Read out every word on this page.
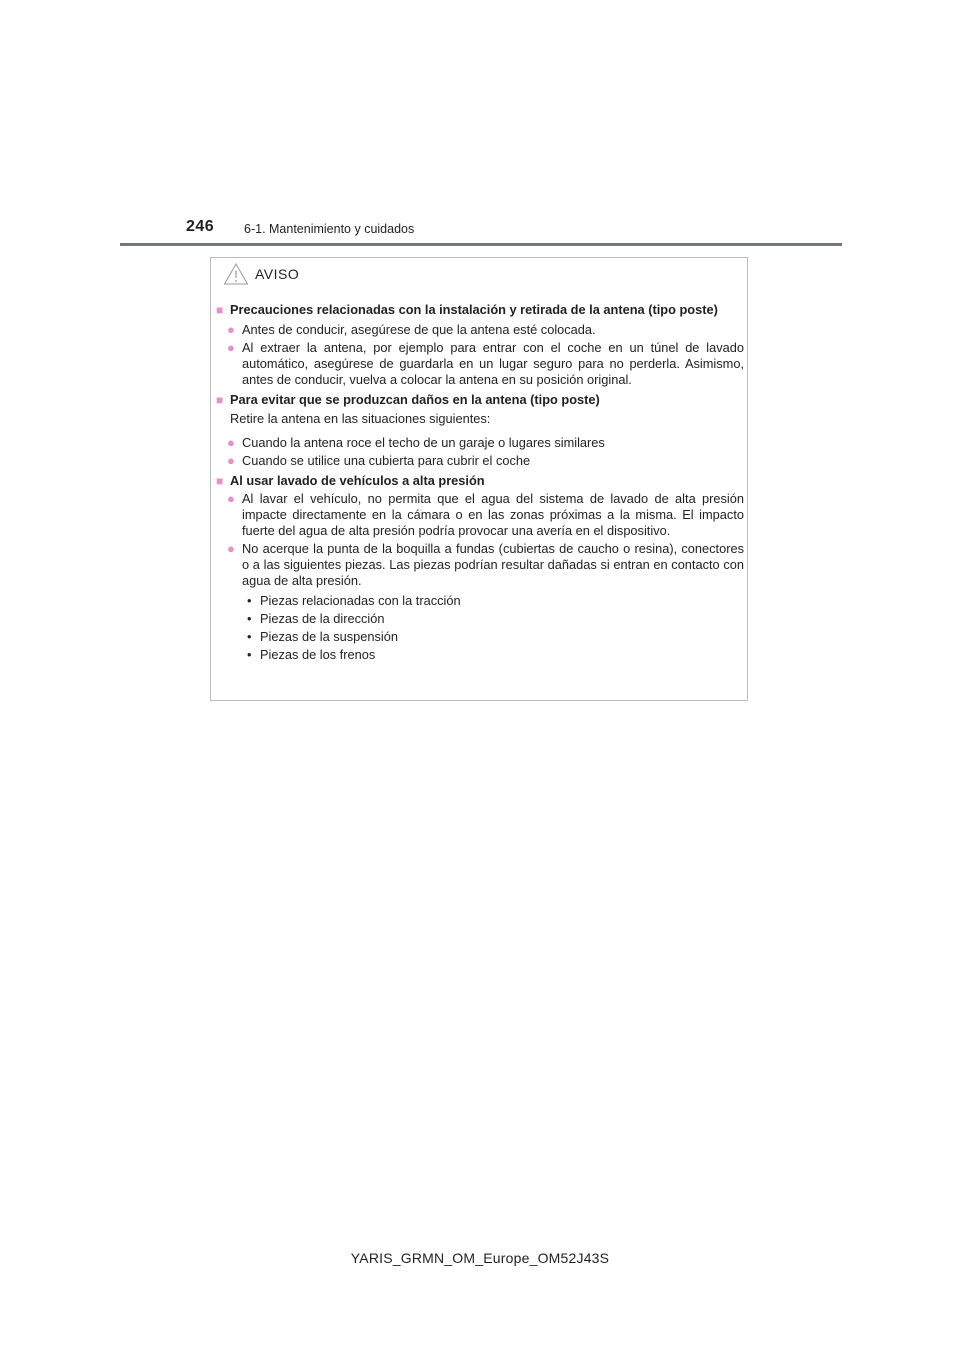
246 6-1. Mantenimiento y cuidados
AVISO
■ Precauciones relacionadas con la instalación y retirada de la antena (tipo poste)
● Antes de conducir, asegúrese de que la antena esté colocada.
● Al extraer la antena, por ejemplo para entrar con el coche en un túnel de lavado automático, asegúrese de guardarla en un lugar seguro para no perderla. Asimismo, antes de conducir, vuelva a colocar la antena en su posición original.
■ Para evitar que se produzcan daños en la antena (tipo poste)
Retire la antena en las situaciones siguientes:
● Cuando la antena roce el techo de un garaje o lugares similares
● Cuando se utilice una cubierta para cubrir el coche
■ Al usar lavado de vehículos a alta presión
● Al lavar el vehículo, no permita que el agua del sistema de lavado de alta presión impacte directamente en la cámara o en las zonas próximas a la misma. El impacto fuerte del agua de alta presión podría provocar una avería en el dispositivo.
● No acerque la punta de la boquilla a fundas (cubiertas de caucho o resina), conectores o a las siguientes piezas. Las piezas podrían resultar dañadas si entran en contacto con agua de alta presión.
• Piezas relacionadas con la tracción
• Piezas de la dirección
• Piezas de la suspensión
• Piezas de los frenos
YARIS_GRMN_OM_Europe_OM52J43S
